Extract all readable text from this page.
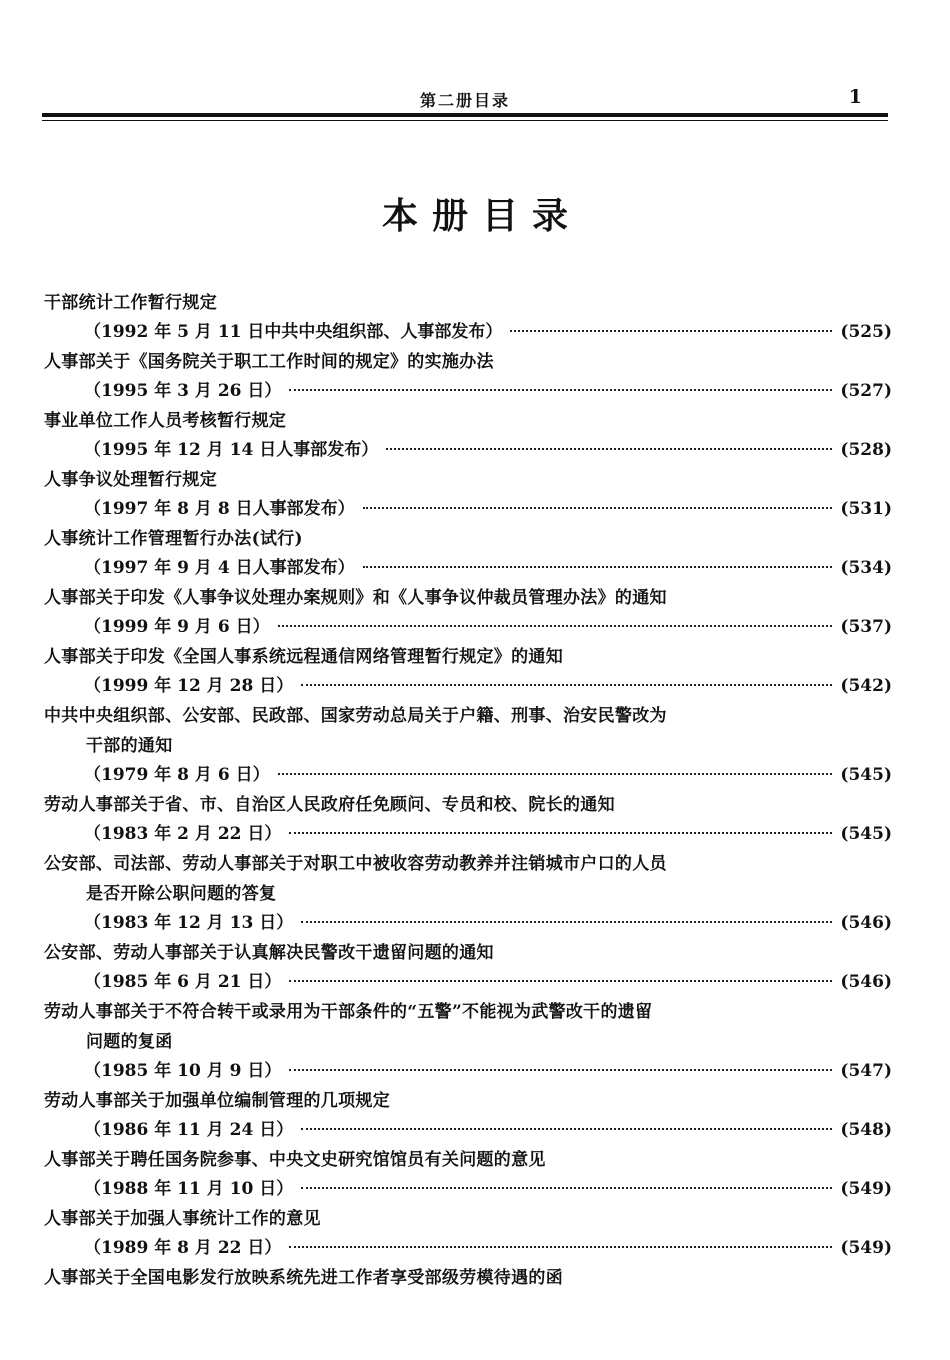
第二册目录	1
本册目录
干部统计工作暂行规定
（1992 年 5 月 11 日中共中央组织部、人事部发布）	(525)
人事部关于《国务院关于职工工作时间的规定》的实施办法
（1995 年 3 月 26 日）	(527)
事业单位工作人员考核暂行规定
（1995 年 12 月 14 日人事部发布）	(528)
人事争议处理暂行规定
（1997 年 8 月 8 日人事部发布）	(531)
人事统计工作管理暂行办法(试行)
（1997 年 9 月 4 日人事部发布）	(534)
人事部关于印发《人事争议处理办案规则》和《人事争议仲裁员管理办法》的通知
（1999 年 9 月 6 日）	(537)
人事部关于印发《全国人事系统远程通信网络管理暂行规定》的通知
（1999 年 12 月 28 日）	(542)
中共中央组织部、公安部、民政部、国家劳动总局关于户籍、刑事、治安民警改为
干部的通知
（1979 年 8 月 6 日）	(545)
劳动人事部关于省、市、自治区人民政府任免顾问、专员和校、院长的通知
（1983 年 2 月 22 日）	(545)
公安部、司法部、劳动人事部关于对职工中被收容劳动教养并注销城市户口的人员
是否开除公职问题的答复
（1983 年 12 月 13 日）	(546)
公安部、劳动人事部关于认真解决民警改干遗留问题的通知
（1985 年 6 月 21 日）	(546)
劳动人事部关于不符合转干或录用为干部条件的“五警”不能视为武警改干的遗留
问题的复函
（1985 年 10 月 9 日）	(547)
劳动人事部关于加强单位编制管理的几项规定
（1986 年 11 月 24 日）	(548)
人事部关于聘任国务院参事、中央文史研究馆馆员有关问题的意见
（1988 年 11 月 10 日）	(549)
人事部关于加强人事统计工作的意见
（1989 年 8 月 22 日）	(549)
人事部关于全国电影发行放映系统先进工作者享受部级劳模待遇的函
